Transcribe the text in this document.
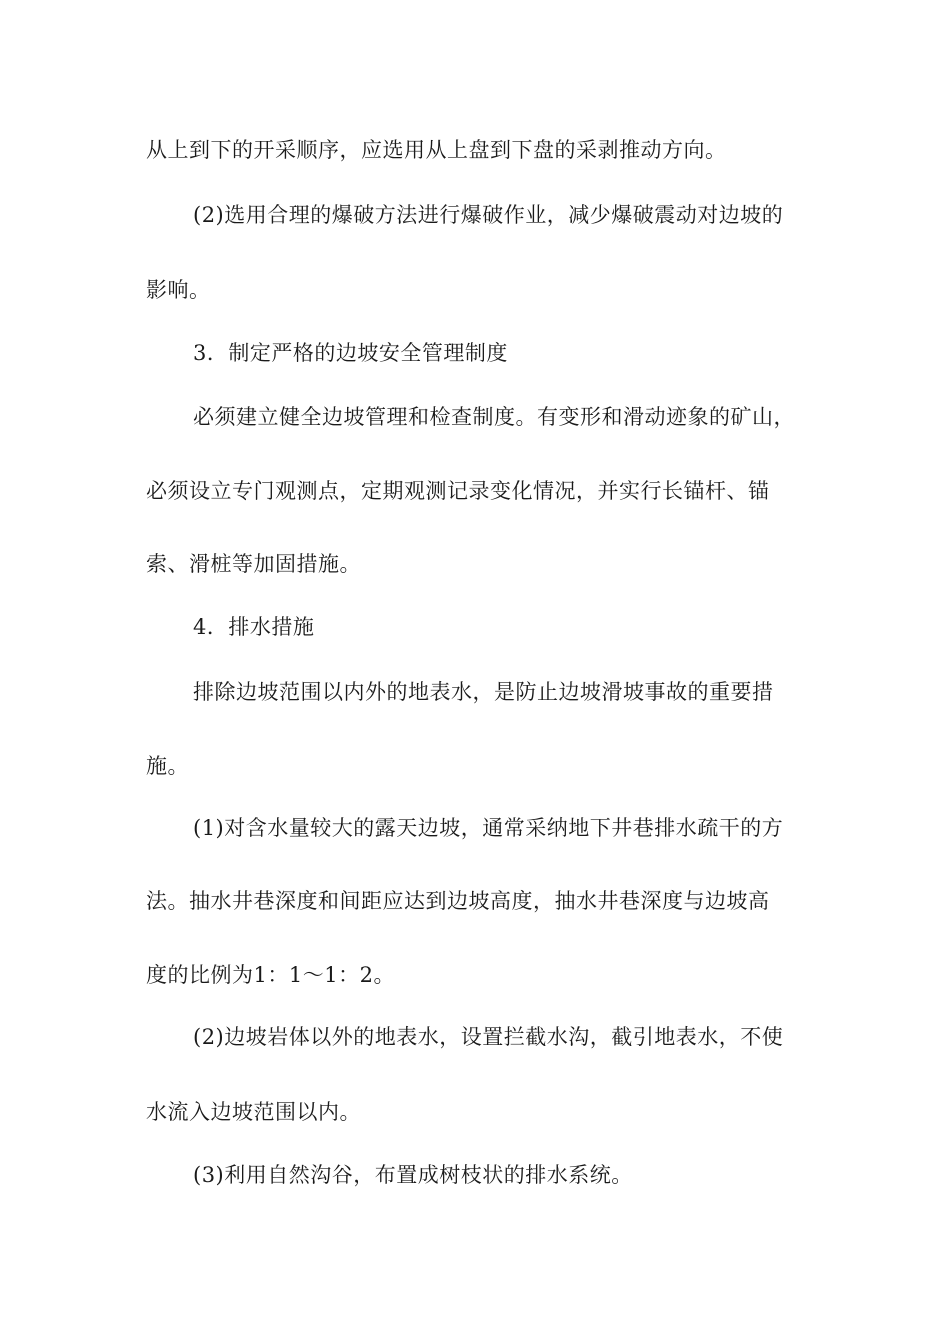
从上到下的开采顺序，应选用从上盘到下盘的采剥推动方向。
(2)选用合理的爆破方法进行爆破作业，减少爆破震动对边坡的
影响。
3．制定严格的边坡安全管理制度
必须建立健全边坡管理和检查制度。有变形和滑动迹象的矿山，
必须设立专门观测点，定期观测记录变化情况，并实行长锚杆、锚
索、滑桩等加固措施。
4．排水措施
排除边坡范围以内外的地表水，是防止边坡滑坡事故的重要措
施。
(1)对含水量较大的露天边坡，通常采纳地下井巷排水疏干的方
法。抽水井巷深度和间距应达到边坡高度，抽水井巷深度与边坡高
度的比例为1：1～1：2。
(2)边坡岩体以外的地表水，设置拦截水沟，截引地表水，不使
水流入边坡范围以内。
(3)利用自然沟谷，布置成树枝状的排水系统。
